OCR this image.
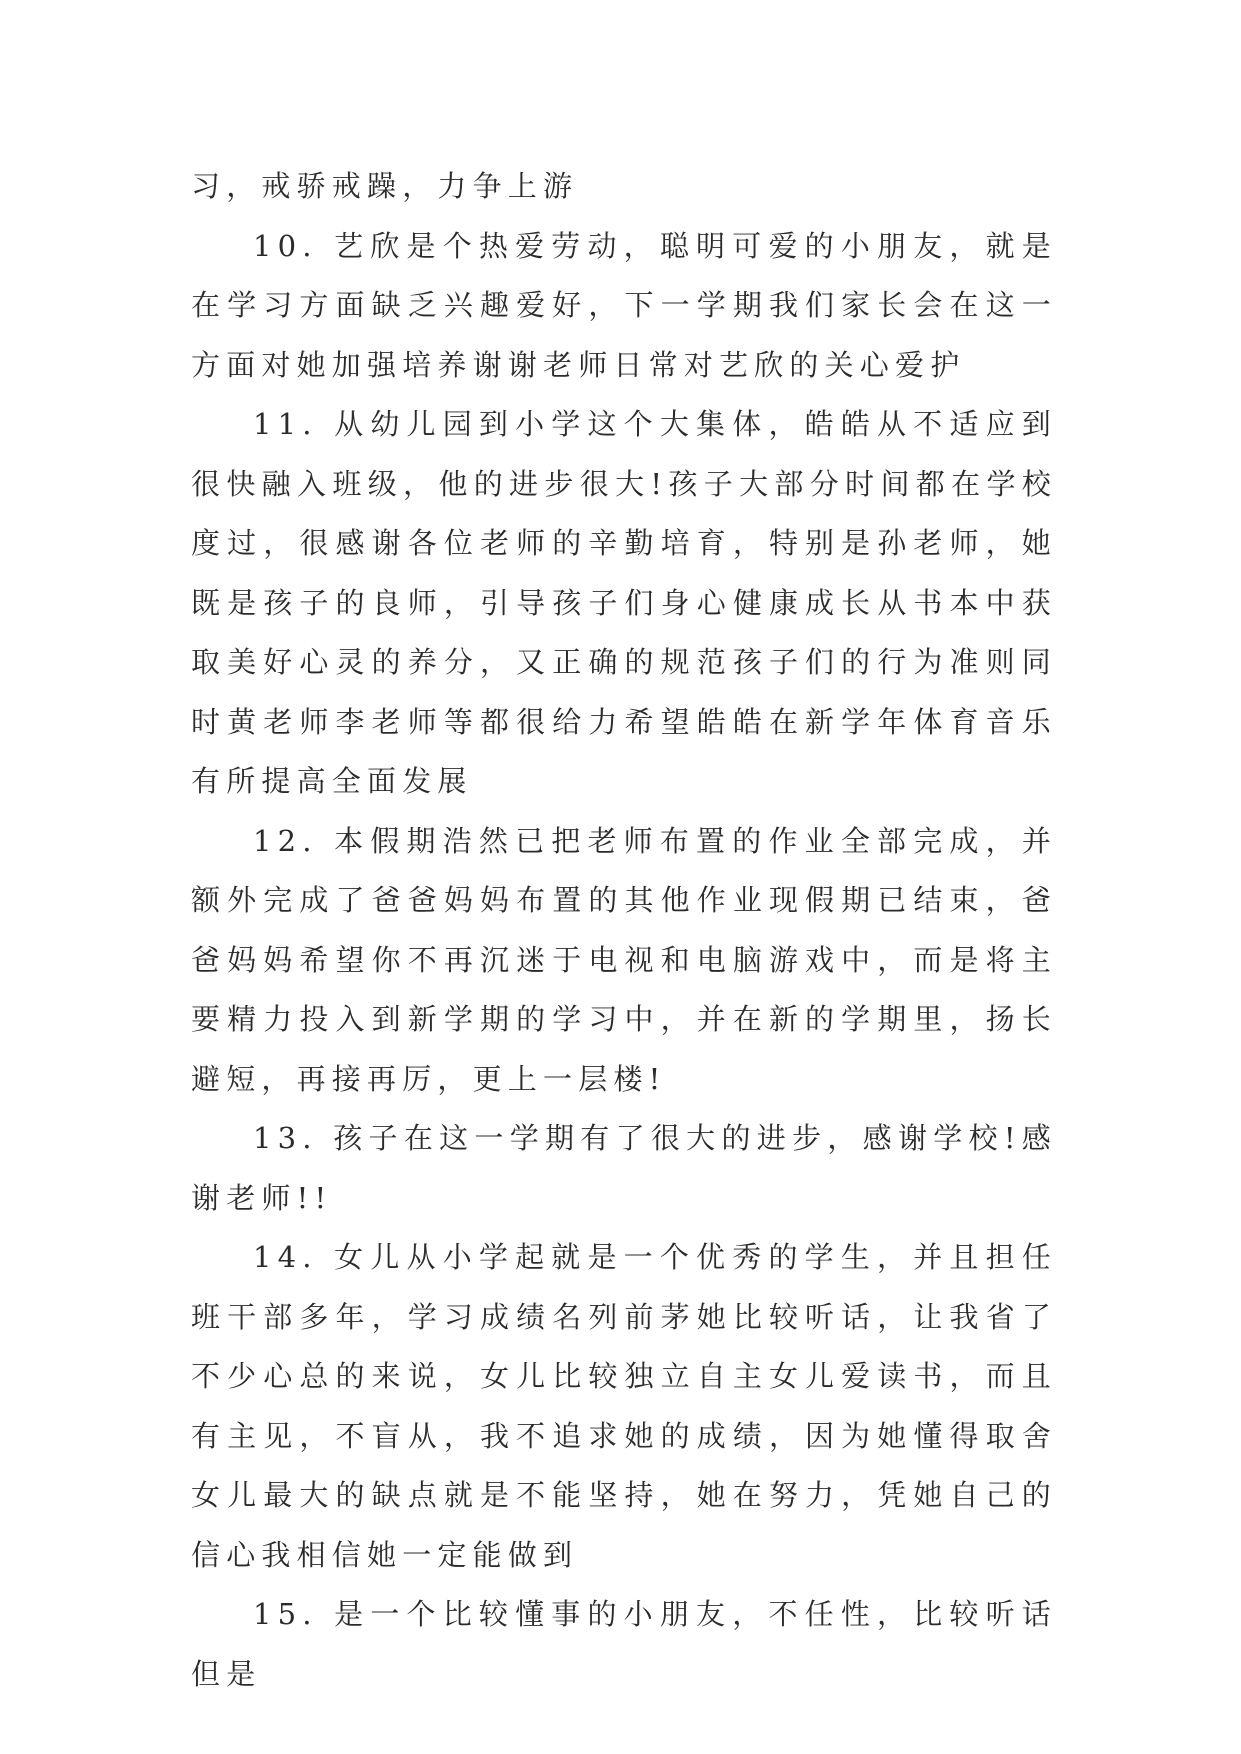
习，戒骄戒躁，力争上游

10. 艺欣是个热爱劳动，聪明可爱的小朋友，就是在学习方面缺乏兴趣爱好，下一学期我们家长会在这一方面对她加强培养谢谢老师日常对艺欣的关心爱护

11. 从幼儿园到小学这个大集体，皓皓从不适应到很快融入班级，他的进步很大!孩子大部分时间都在学校度过，很感谢各位老师的辛勤培育，特别是孙老师，她既是孩子的良师，引导孩子们身心健康成长从书本中获取美好心灵的养分，又正确的规范孩子们的行为准则同时黄老师李老师等都很给力希望皓皓在新学年体育音乐有所提高全面发展

12. 本假期浩然已把老师布置的作业全部完成，并额外完成了爸爸妈妈布置的其他作业现假期已结束，爸爸妈妈希望你不再沉迷于电视和电脑游戏中，而是将主要精力投入到新学期的学习中，并在新的学期里，扬长避短，再接再厉，更上一层楼!

13. 孩子在这一学期有了很大的进步，感谢学校!感谢老师!!

14. 女儿从小学起就是一个优秀的学生，并且担任班干部多年，学习成绩名列前茅她比较听话，让我省了不少心总的来说，女儿比较独立自主女儿爱读书，而且有主见，不盲从，我不追求她的成绩，因为她懂得取舍女儿最大的缺点就是不能坚持，她在努力，凭她自己的信心我相信她一定能做到

15. 是一个比较懂事的小朋友，不任性，比较听话但是
